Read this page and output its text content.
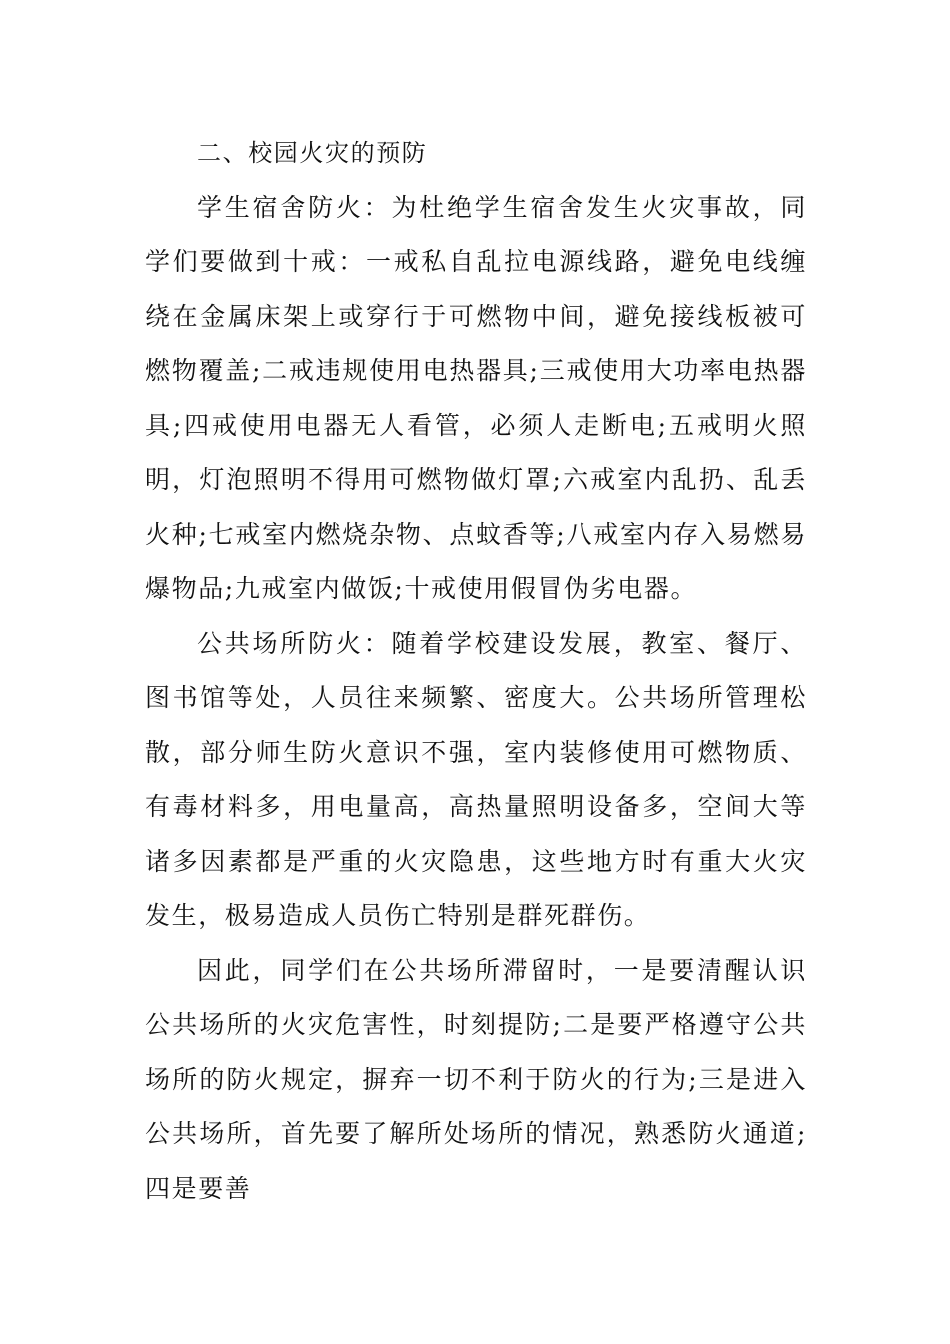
二、校园火灾的预防

学生宿舍防火：为杜绝学生宿舍发生火灾事故，同学们要做到十戒：一戒私自乱拉电源线路，避免电线缠绕在金属床架上或穿行于可燃物中间，避免接线板被可燃物覆盖;二戒违规使用电热器具;三戒使用大功率电热器具;四戒使用电器无人看管，必须人走断电;五戒明火照明，灯泡照明不得用可燃物做灯罩;六戒室内乱扔、乱丢火种;七戒室内燃烧杂物、点蚊香等;八戒室内存入易燃易爆物品;九戒室内做饭;十戒使用假冒伪劣电器。

公共场所防火：随着学校建设发展，教室、餐厅、图书馆等处，人员往来频繁、密度大。公共场所管理松散，部分师生防火意识不强，室内装修使用可燃物质、有毒材料多，用电量高，高热量照明设备多，空间大等诸多因素都是严重的火灾隐患，这些地方时有重大火灾发生，极易造成人员伤亡特别是群死群伤。

因此，同学们在公共场所滞留时，一是要清醒认识公共场所的火灾危害性，时刻提防;二是要严格遵守公共场所的防火规定，摒弃一切不利于防火的行为;三是进入公共场所，首先要了解所处场所的情况，熟悉防火通道;四是要善
